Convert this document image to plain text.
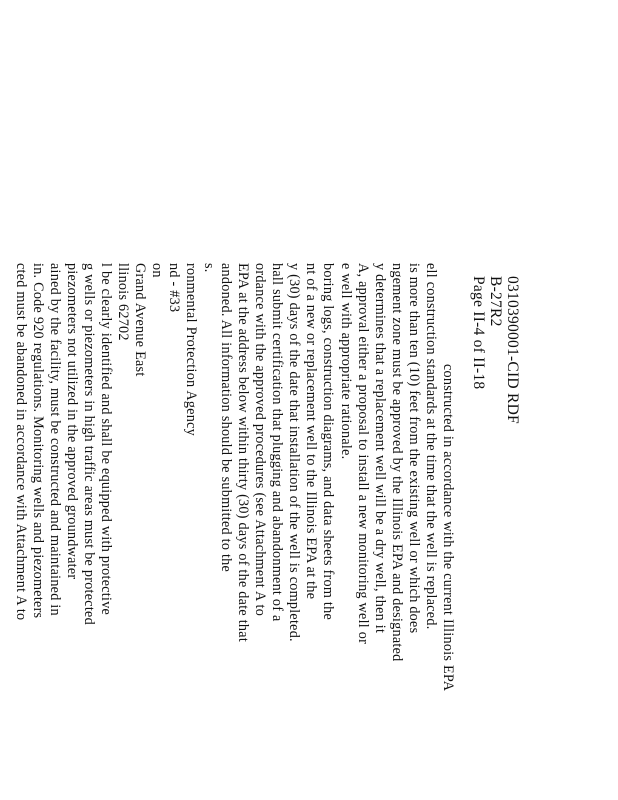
0310390001-CID RDF
B-27R2
Page II-4 of II-18
constructed in accordance with the current Illinois EPA
ell construction standards at the time that the well is replaced.
is more than ten (10) feet from the existing well or which does
ngement zone must be approved by the Illinois EPA and designated
y determines that a replacement well will be a dry well, then it
A, approval either a proposal to install a new monitoring well or
e well with appropriate rationale.
boring logs, construction diagrams, and data sheets from the
nt of a new or replacement well to the Illinois EPA at the
y (30) days of the date that installation of the well is completed.
hall submit certification that plugging and abandonment of a
ordance with the approved procedures (see Attachment A to
EPA at the address below within thirty (30) days of the date that
andoned. All information should be submitted to the
s.
ronmental Protection Agency
nd - #33
on
Grand Avenue East
llinois 62702
l be clearly identified and shall be equipped with protective
g wells or piezometers in high traffic areas must be protected
piezometers not utilized in the approved groundwater
ained by the facility, must be constructed and maintained in
in. Code 920 regulations. Monitoring wells and piezometers
cted must be abandoned in accordance with Attachment A to
